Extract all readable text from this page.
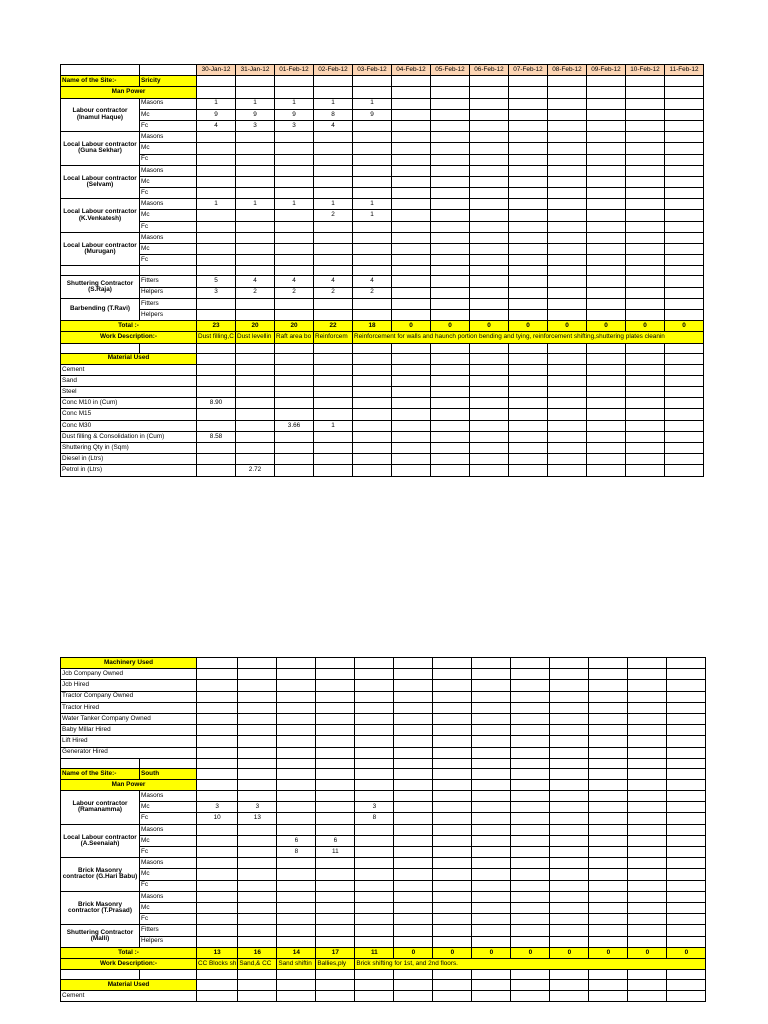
		30-Jan-12	31-Jan-12	01-Feb-12	02-Feb-12	03-Feb-12	04-Feb-12	05-Feb-12	06-Feb-12	07-Feb-12	08-Feb-12	09-Feb-12	10-Feb-12	11-Feb-12
Name of the Site:-	Sricity													
Man Power														
Labour contractor (Inamul Haque)	Masons	1	1	1	1	1								
	Mc	9	9	9	8	9								
	Fc	4	3	3	4									
Local Labour contractor (Guna Sekhar)	Masons													
	Mc													
	Fc													
Local Labour contractor (Selvam)	Masons													
	Mc													
	Fc													
Local Labour contractor (K.Venkatesh)	Masons	1	1	1	1	1								
	Mc				2	1								
	Fc													
Local Labour contractor (Murugan)	Masons													
	Mc													
	Fc													

Shuttering Contractor (S.Raja)	Fitters	5	4	4	4	4								
	Helpers	3	2	2	2	2								
Barbending (T.Ravi)	Fitters													
	Helpers													
Total :-		23	20	20	22	18	0	0	0	0	0	0	0	0
Work Description:-		Dust filling,C	Dust levellin	Raft area bo	Reinforcem	Reinforcement for walls and haunch portion bending and tying, reinforcement shifting,shuttering plates cleanin								

Material Used														
Cement														
Sand														
Steel														
Conc M10 in (Cum)		8.90												
Conc M15														
Conc M30				3.66	1									
Dust filling & Consolidation in (Cum)		8.58												
Shuttering Qty in (Sqm)														
Diesel in (Ltrs)														
Petrol in (Ltrs)			2.72											
Machinery Used														
Jcb Company Owned														
Jcb Hired														
Tractor Company Owned														
Tractor Hired														
Water Tanker Company Owned														
Baby Millar Hired														
Lift Hired														
Generator Hired														

Name of the Site:-	South													
Man Power														
Labour contractor (Ramanamma)	Masons													
	Mc	3	3			3								
	Fc	10	13			8								
Local Labour contractor (A.Seenaiah)	Masons													
	Mc			6	6									
	Fc			8	11									
Brick Masonry contractor (G.Hari Babu)	Masons													
	Mc													
	Fc													
Brick Masonry contractor (T.Prasad)	Masons													
	Mc													
	Fc													
Shuttering Contractor (Malli)	Fitters													
	Helpers													
Total :-		13	16	14	17	11	0	0	0	0	0	0	0	0
Work Description:-		CC Blocks sh	Sand,& CC	Sand shiftin	Ballies,ply	Brick shifting for 1st, and 2nd floors.								

Material Used														
Cement														
